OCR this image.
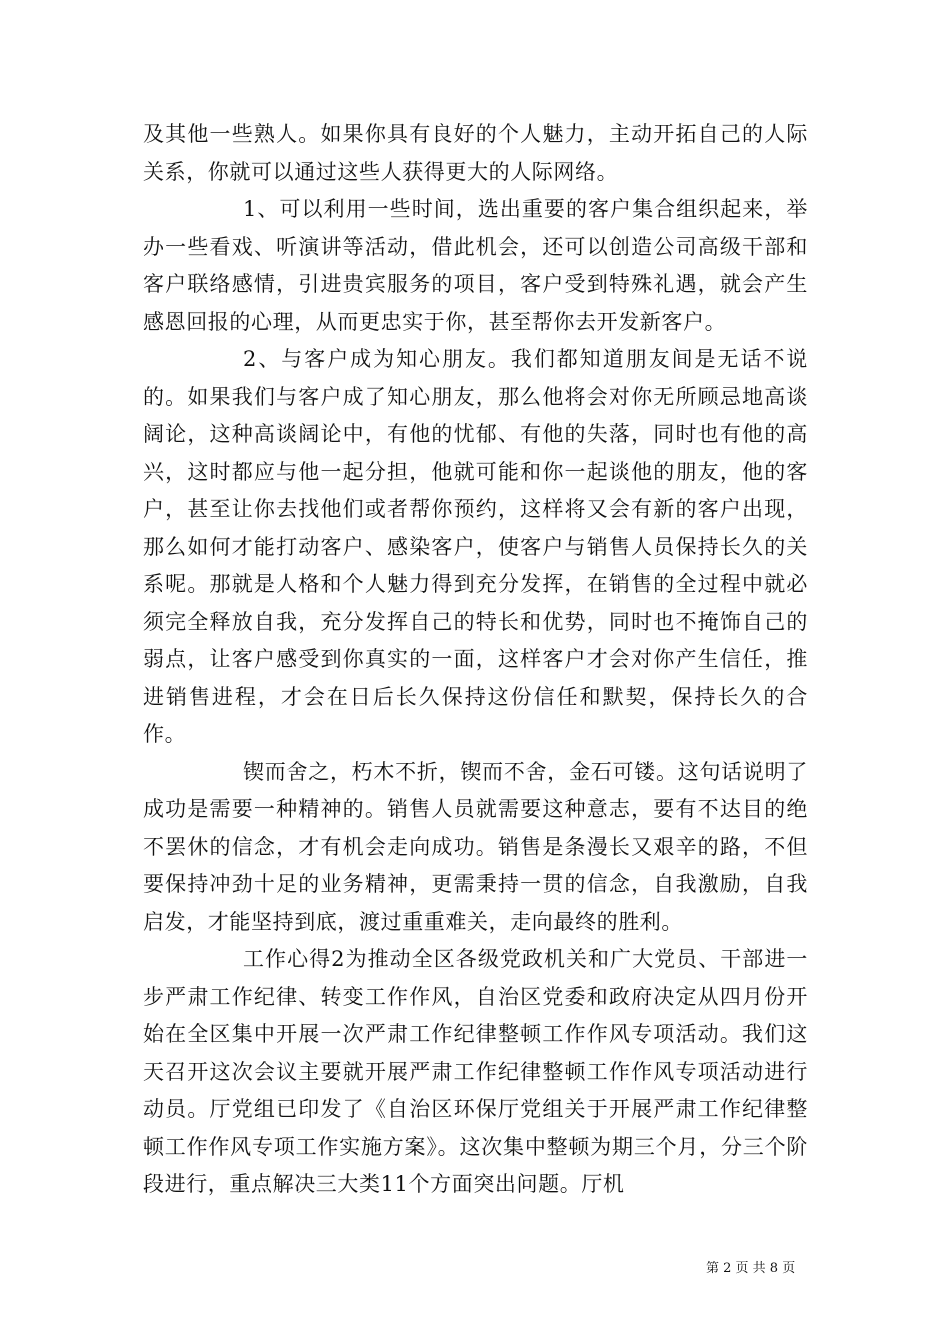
及其他一些熟人。如果你具有良好的个人魅力，主动开拓自己的人际关系，你就可以通过这些人获得更大的人际网络。

1、可以利用一些时间，选出重要的客户集合组织起来，举办一些看戏、听演讲等活动，借此机会，还可以创造公司高级干部和客户联络感情，引进贵宾服务的项目，客户受到特殊礼遇，就会产生感恩回报的心理，从而更忠实于你，甚至帮你去开发新客户。

2、与客户成为知心朋友。我们都知道朋友间是无话不说的。如果我们与客户成了知心朋友，那么他将会对你无所顾忌地高谈阔论，这种高谈阔论中，有他的忧郁、有他的失落，同时也有他的高兴，这时都应与他一起分担，他就可能和你一起谈他的朋友，他的客户，甚至让你去找他们或者帮你预约，这样将又会有新的客户出现，那么如何才能打动客户、感染客户，使客户与销售人员保持长久的关系呢。那就是人格和个人魅力得到充分发挥，在销售的全过程中就必须完全释放自我，充分发挥自己的特长和优势，同时也不掩饰自己的弱点，让客户感受到你真实的一面，这样客户才会对你产生信任，推进销售进程，才会在日后长久保持这份信任和默契，保持长久的合作。

锲而舍之，朽木不折，锲而不舍，金石可镂。这句话说明了成功是需要一种精神的。销售人员就需要这种意志，要有不达目的绝不罢休的信念，才有机会走向成功。销售是条漫长又艰辛的路，不但要保持冲劲十足的业务精神，更需秉持一贯的信念，自我激励，自我启发，才能坚持到底，渡过重重难关，走向最终的胜利。

工作心得2为推动全区各级党政机关和广大党员、干部进一步严肃工作纪律、转变工作作风，自治区党委和政府决定从四月份开始在全区集中开展一次严肃工作纪律整顿工作作风专项活动。我们这天召开这次会议主要就开展严肃工作纪律整顿工作作风专项活动进行动员。厅党组已印发了《自治区环保厅党组关于开展严肃工作纪律整顿工作作风专项工作实施方案》。这次集中整顿为期三个月，分三个阶段进行，重点解决三大类11个方面突出问题。厅机

第 2 页 共 8 页
